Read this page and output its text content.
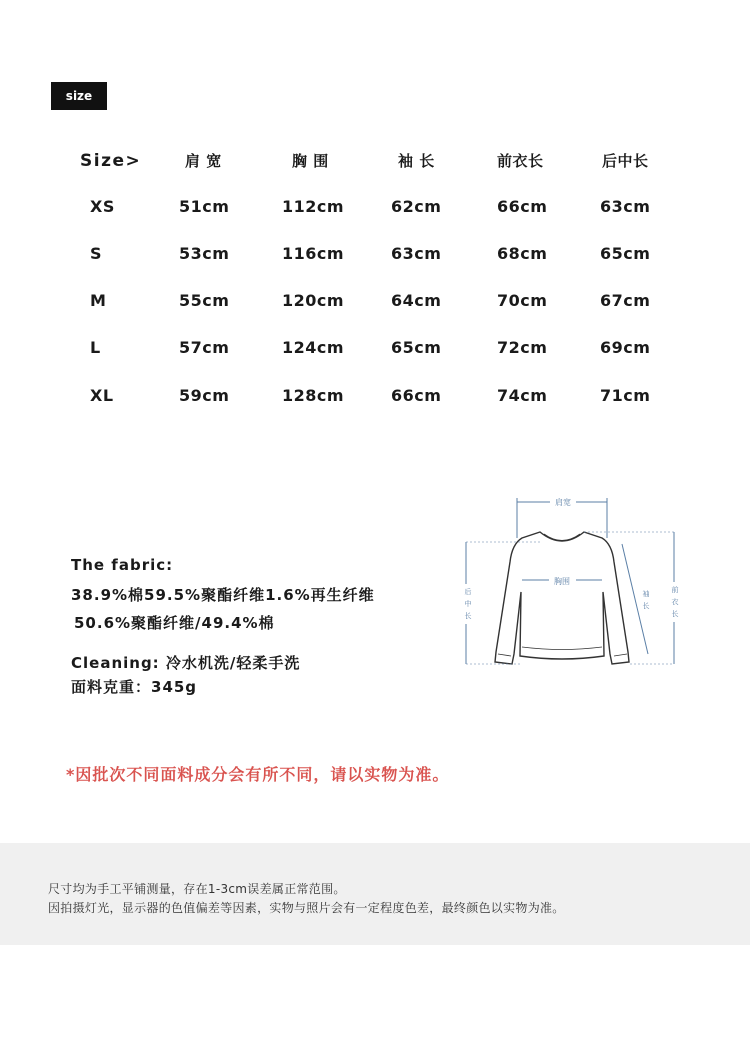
size
Size>	肩 宽	胸 围	袖 长	前衣长	后中长
XS	51cm	112cm	62cm	66cm	63cm
S	53cm	116cm	63cm	68cm	65cm
M	55cm	120cm	64cm	70cm	67cm
L	57cm	124cm	65cm	72cm	69cm
XL	59cm	128cm	66cm	74cm	71cm
The fabric:
38.9%棉59.5%聚酯纤维1.6%再生纤维
50.6%聚酯纤维/49.4%棉
Cleaning: 冷水机洗/轻柔手洗
面料克重：345g
肩宽
胸围
后
中
长
袖
长
前
衣
长
*因批次不同面料成分会有所不同，请以实物为准。
尺寸均为手工平铺测量，存在1-3cm误差属正常范围。
因拍摄灯光，显示器的色值偏差等因素，实物与照片会有一定程度色差，最终颜色以实物为准。
